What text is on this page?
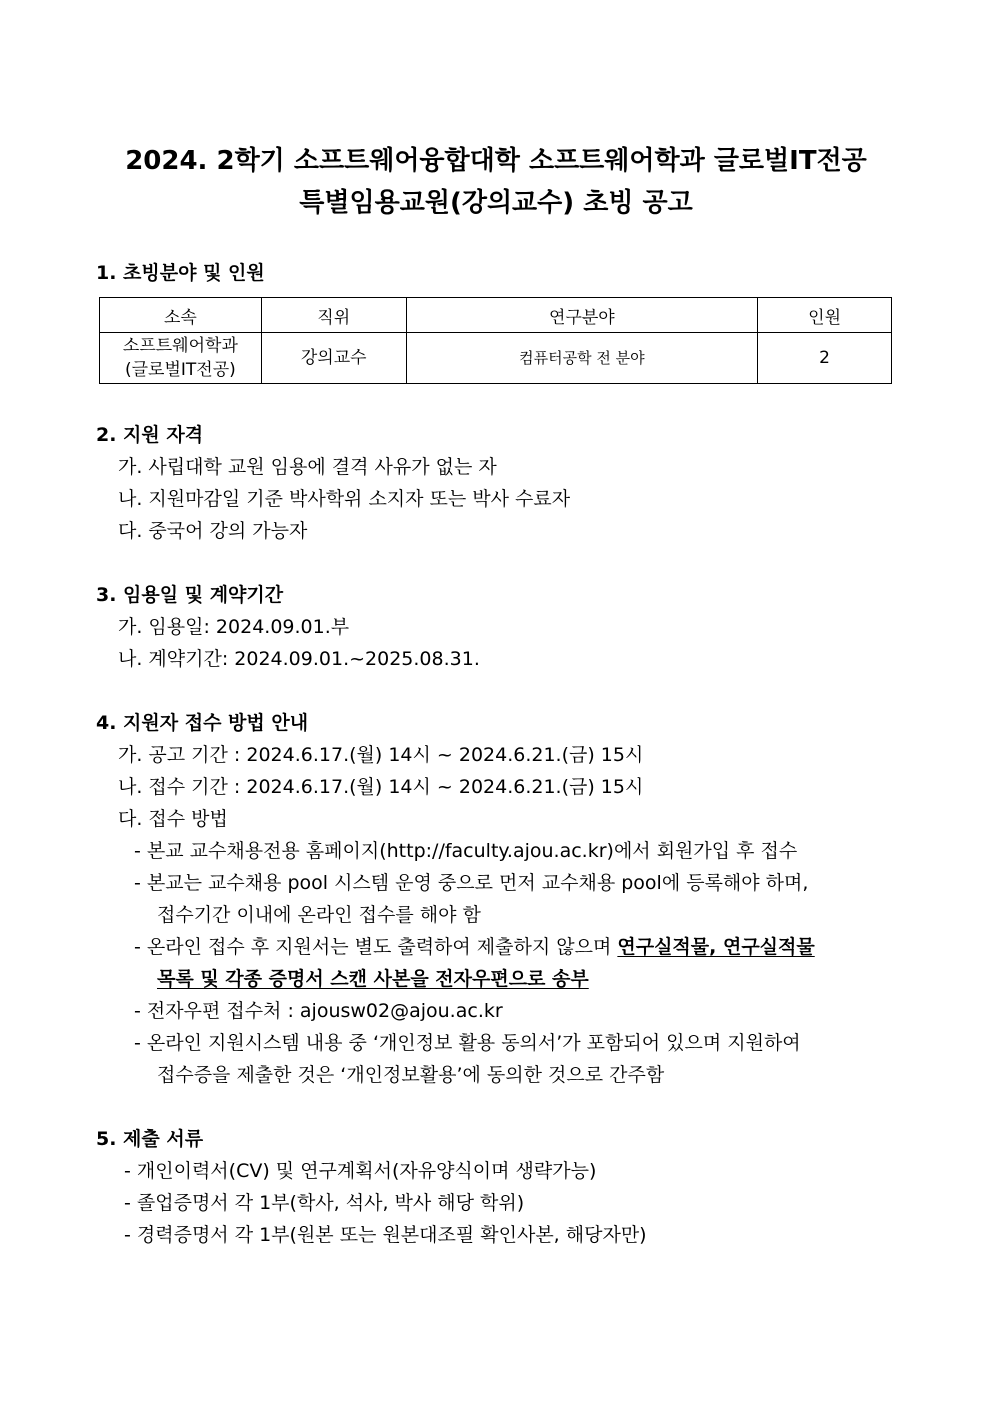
2024. 2학기 소프트웨어융합대학 소프트웨어학과 글로벌IT전공
특별임용교원(강의교수) 초빙 공고
1. 초빙분야 및 인원
소속	직위	연구분야	인원

소프트웨어학과
(글로벌IT전공)	강의교수	컴퓨터공학 전 분야	2
2. 지원 자격
가. 사립대학 교원 임용에 결격 사유가 없는 자
나. 지원마감일 기준 박사학위 소지자 또는 박사 수료자
다. 중국어 강의 가능자
3. 임용일 및 계약기간
가. 임용일: 2024.09.01.부
나. 계약기간: 2024.09.01.~2025.08.31.
4. 지원자 접수 방법 안내
가. 공고 기간 : 2024.6.17.(월) 14시 ~ 2024.6.21.(금) 15시
나. 접수 기간 : 2024.6.17.(월) 14시 ~ 2024.6.21.(금) 15시
다. 접수 방법
- 본교 교수채용전용 홈페이지(http://faculty.ajou.ac.kr)에서 회원가입 후 접수
- 본교는 교수채용 pool 시스템 운영 중으로 먼저 교수채용 pool에 등록해야 하며,
접수기간 이내에 온라인 접수를 해야 함
- 온라인 접수 후 지원서는 별도 출력하여 제출하지 않으며 연구실적물, 연구실적물
목록 및 각종 증명서 스캔 사본을 전자우편으로 송부
- 전자우편 접수처 : ajousw02@ajou.ac.kr
- 온라인 지원시스템 내용 중 ‘개인정보 활용 동의서’가 포함되어 있으며 지원하여
접수증을 제출한 것은 ‘개인정보활용’에 동의한 것으로 간주함
5. 제출 서류
- 개인이력서(CV) 및 연구계획서(자유양식이며 생략가능)
- 졸업증명서 각 1부(학사, 석사, 박사 해당 학위)
- 경력증명서 각 1부(원본 또는 원본대조필 확인사본, 해당자만)
